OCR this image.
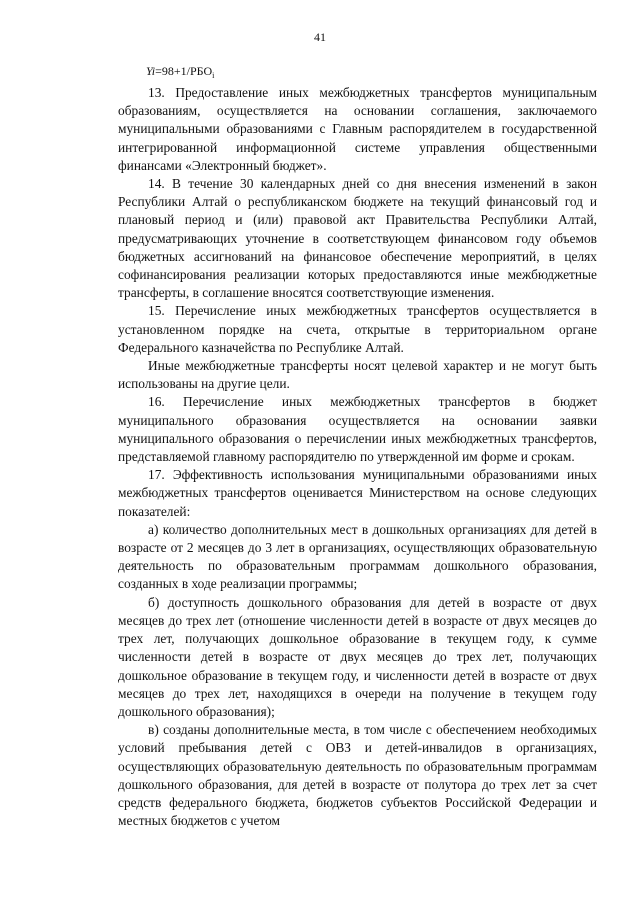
41
$Yi=98+1/РБО_i$

13. Предоставление иных межбюджетных трансфертов муниципальным образованиям, осуществляется на основании соглашения, заключаемого муниципальными образованиями с Главным распорядителем в государственной интегрированной информационной системе управления общественными финансами «Электронный бюджет».

14. В течение 30 календарных дней со дня внесения изменений в закон Республики Алтай о республиканском бюджете на текущий финансовый год и плановый период и (или) правовой акт Правительства Республики Алтай, предусматривающих уточнение в соответствующем финансовом году объемов бюджетных ассигнований на финансовое обеспечение мероприятий, в целях софинансирования реализации которых предоставляются иные межбюджетные трансферты, в соглашение вносятся соответствующие изменения.

15. Перечисление иных межбюджетных трансфертов осуществляется в установленном порядке на счета, открытые в территориальном органе Федерального казначейства по Республике Алтай.

Иные межбюджетные трансферты носят целевой характер и не могут быть использованы на другие цели.

16. Перечисление иных межбюджетных трансфертов в бюджет муниципального образования осуществляется на основании заявки муниципального образования о перечислении иных межбюджетных трансфертов, представляемой главному распорядителю по утвержденной им форме и срокам.

17. Эффективность использования муниципальными образованиями иных межбюджетных трансфертов оценивается Министерством на основе следующих показателей:

а) количество дополнительных мест в дошкольных организациях для детей в возрасте от 2 месяцев до 3 лет в организациях, осуществляющих образовательную деятельность по образовательным программам дошкольного образования, созданных в ходе реализации программы;

б) доступность дошкольного образования для детей в возрасте от двух месяцев до трех лет (отношение численности детей в возрасте от двух месяцев до трех лет, получающих дошкольное образование в текущем году, к сумме численности детей в возрасте от двух месяцев до трех лет, получающих дошкольное образование в текущем году, и численности детей в возрасте от двух месяцев до трех лет, находящихся в очереди на получение в текущем году дошкольного образования);

в) созданы дополнительные места, в том числе с обеспечением необходимых условий пребывания детей с ОВЗ и детей-инвалидов в организациях, осуществляющих образовательную деятельность по образовательным программам дошкольного образования, для детей в возрасте от полутора до трех лет за счет средств федерального бюджета, бюджетов субъектов Российской Федерации и местных бюджетов с учетом
